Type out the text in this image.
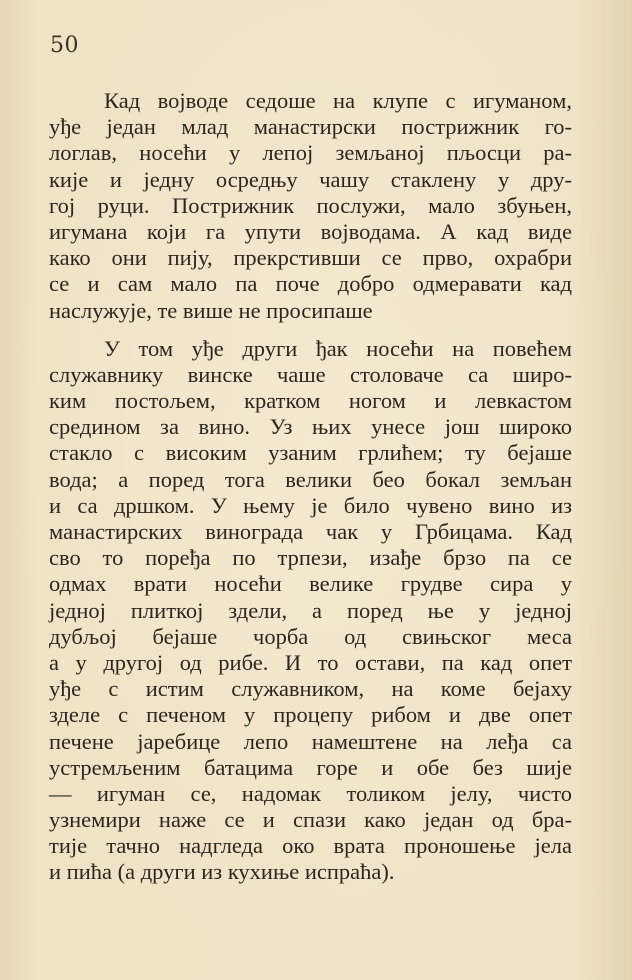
50
Кад војводе седоше на клупе с игуманом,
уђе један млад манастирски пострижник го-
логлав, носећи у лепој земљаној пљосци ра-
кије и једну осредњу чашу стаклену у дру-
гој руци. Пострижник послужи, мало збуњен,
игумана који га упути војводама. А кад виде
како они пију, прекрстивши се прво, охрабри
се и сам мало па поче добро одмеравати кад
наслужује, те више не просипаше
У том уђе други ђак носећи на повећем
служавнику винске чаше столоваче са широ-
ким постољем, кратком ногом и левкастом
средином за вино. Уз њих унесе још широко
стакло с високим узаним грлићем; ту бејаше
вода; а поред тога велики бео бокал земљан
и са дршком. У њему је било чувено вино из
манастирских винограда чак у Грбицама. Кад
сво то поређа по трпези, изађе брзо па се
одмах врати носећи велике грудве сира у
једној плиткој здели, а поред ње у једној
дубљој бејаше чорба од свињског меса
а у другој од рибе. И то остави, па кад опет
уђе с истим служавником, на коме бејаху
зделе с печеном у процепу рибом и две опет
печене јаребице лепо намештене на леђа са
устремљеним батацима горе и обе без шије
— игуман се, надомак толиком јелу, чисто
узнемири наже се и спази како један од бра-
тије тачно надгледа око врата проношење јела
и пића (а други из кухиње испраћа).
